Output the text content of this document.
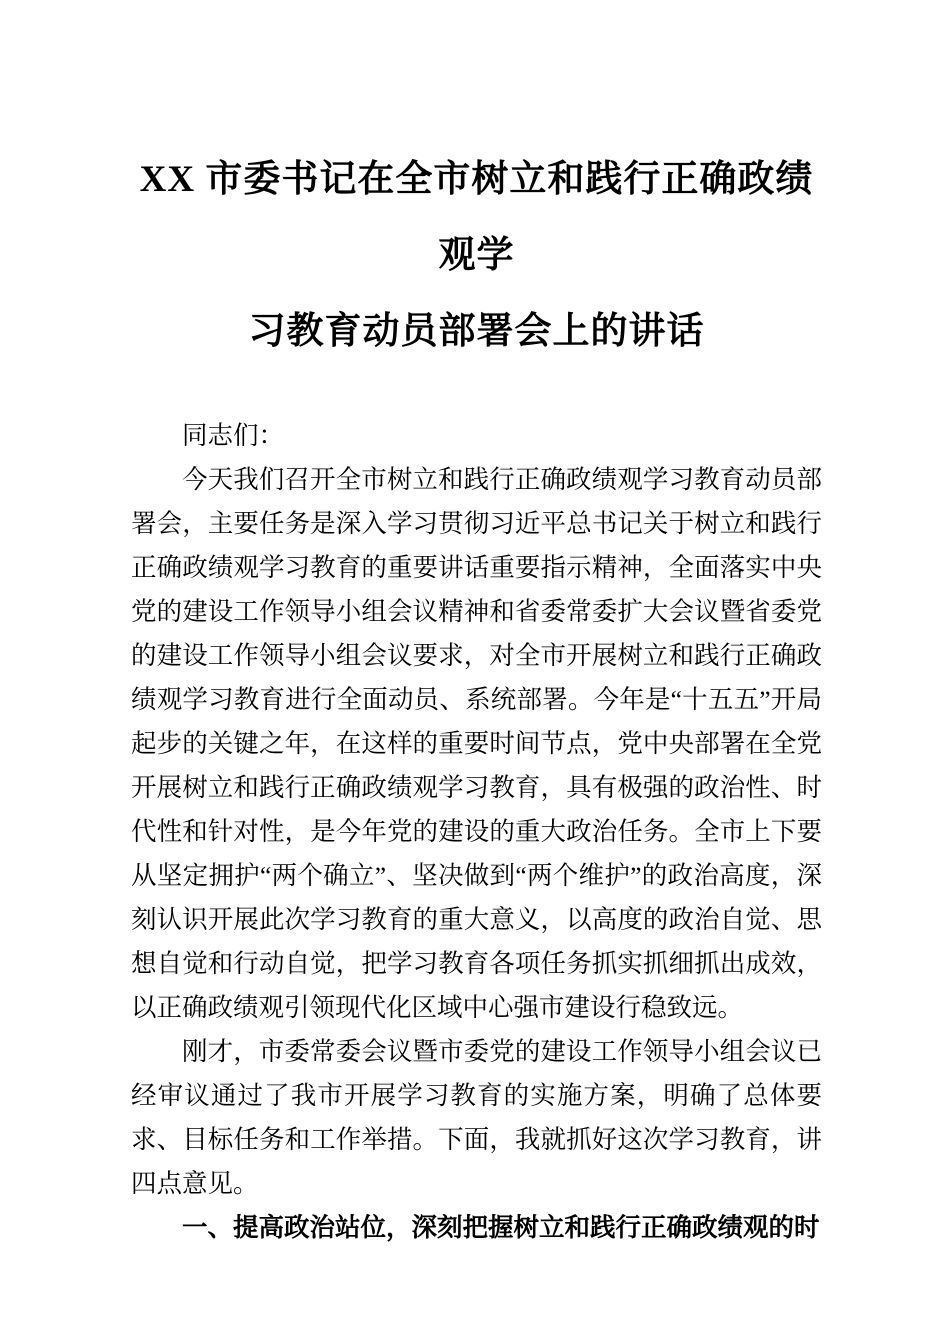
XX 市委书记在全市树立和践行正确政绩观学
习教育动员部署会上的讲话

同志们：

今天我们召开全市树立和践行正确政绩观学习教育动员部署会，主要任务是深入学习贯彻习近平总书记关于树立和践行正确政绩观学习教育的重要讲话重要指示精神，全面落实中央党的建设工作领导小组会议精神和省委常委扩大会议暨省委党的建设工作领导小组会议要求，对全市开展树立和践行正确政绩观学习教育进行全面动员、系统部署。今年是“十五五”开局起步的关键之年，在这样的重要时间节点，党中央部署在全党开展树立和践行正确政绩观学习教育，具有极强的政治性、时代性和针对性，是今年党的建设的重大政治任务。全市上下要从坚定拥护“两个确立”、坚决做到“两个维护”的政治高度，深刻认识开展此次学习教育的重大意义，以高度的政治自觉、思想自觉和行动自觉，把学习教育各项任务抓实抓细抓出成效，以正确政绩观引领现代化区域中心强市建设行稳致远。

刚才，市委常委会议暨市委党的建设工作领导小组会议已经审议通过了我市开展学习教育的实施方案，明确了总体要求、目标任务和工作举措。下面，我就抓好这次学习教育，讲四点意见。

一、提高政治站位，深刻把握树立和践行正确政绩观的时
